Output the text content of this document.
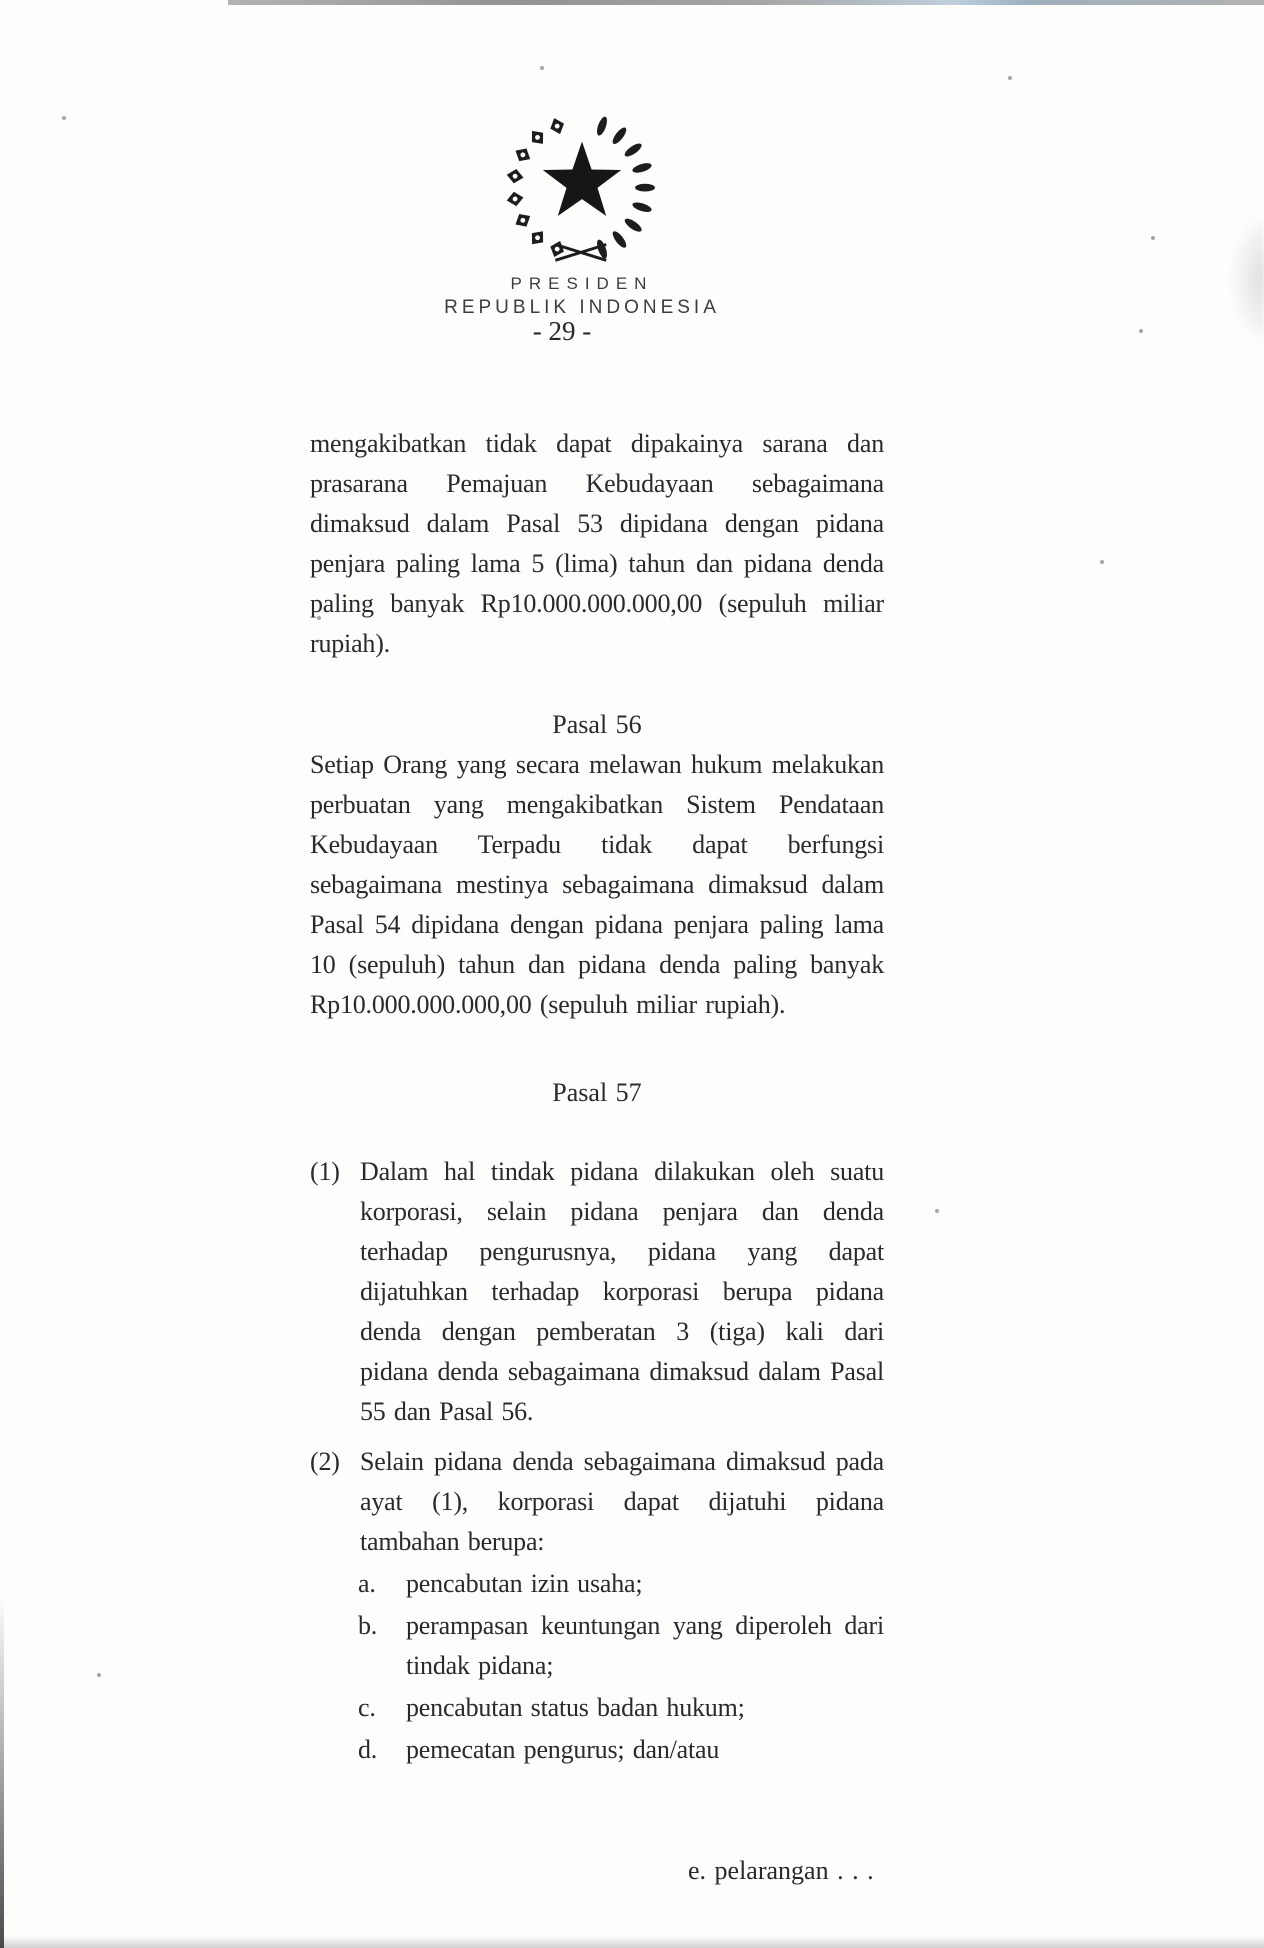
PRESIDEN
REPUBLIK INDONESIA
- 29 -

mengakibatkan tidak dapat dipakainya sarana dan prasarana Pemajuan Kebudayaan sebagaimana dimaksud dalam Pasal 53 dipidana dengan pidana penjara paling lama 5 (lima) tahun dan pidana denda paling banyak Rp10.000.000.000,00 (sepuluh miliar rupiah).

Pasal 56

Setiap Orang yang secara melawan hukum melakukan perbuatan yang mengakibatkan Sistem Pendataan Kebudayaan Terpadu tidak dapat berfungsi sebagaimana mestinya sebagaimana dimaksud dalam Pasal 54 dipidana dengan pidana penjara paling lama 10 (sepuluh) tahun dan pidana denda paling banyak Rp10.000.000.000,00 (sepuluh miliar rupiah).

Pasal 57
(1) Dalam hal tindak pidana dilakukan oleh suatu korporasi, selain pidana penjara dan denda terhadap pengurusnya, pidana yang dapat dijatuhkan terhadap korporasi berupa pidana denda dengan pemberatan 3 (tiga) kali dari pidana denda sebagaimana dimaksud dalam Pasal 55 dan Pasal 56.
(2) Selain pidana denda sebagaimana dimaksud pada ayat (1), korporasi dapat dijatuhi pidana tambahan berupa:
a.	pencabutan izin usaha;
b.	perampasan keuntungan yang diperoleh dari tindak pidana;
c.	pencabutan status badan hukum;
d.	pemecatan pengurus; dan/atau
e. pelarangan . . .
